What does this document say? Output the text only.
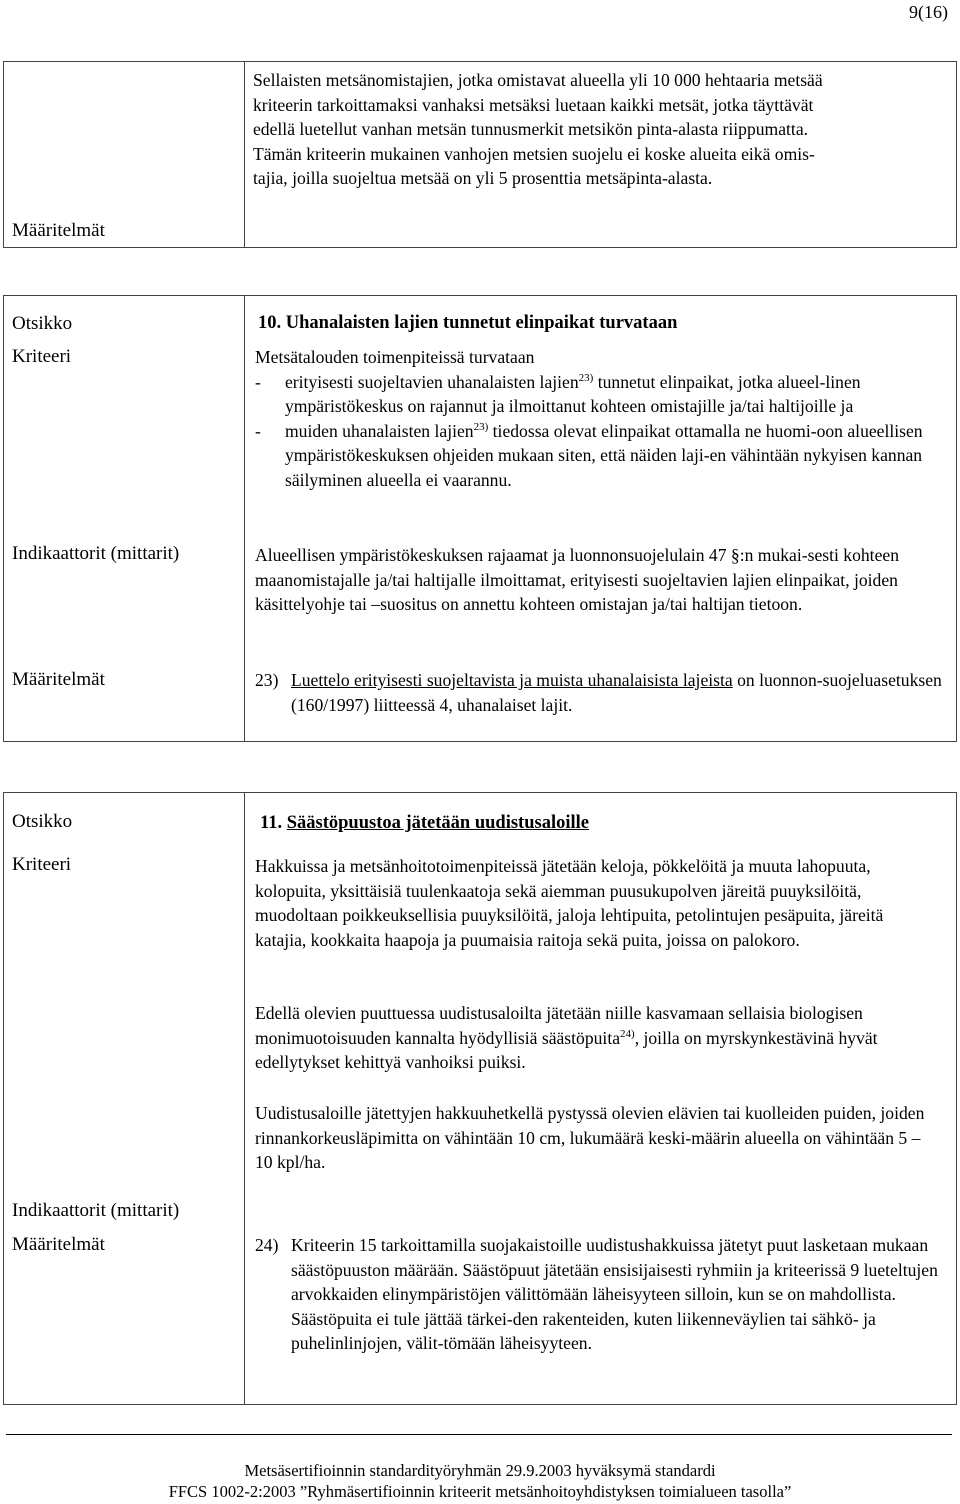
9(16)

Sellaisten metsänomistajien, jotka omistavat alueella yli 10 000 hehtaaria metsää

kriteerin tarkoittamaksi vanhaksi metsäksi luetaan kaikki metsät, jotka täyttävät

edellä luetellut vanhan metsän tunnusmerkit metsikön pinta-alasta riippumatta.

Tämän kriteerin mukainen vanhojen metsien suojelu ei koske alueita eikä omis-

tajia, joilla suojeltua metsää on yli 5 prosenttia metsäpinta-alasta.

Määritelmät
Otsikko
Kriteeri
Indikaattorit (mittarit)
Määritelmät
10. Uhanalaisten lajien tunnetut elinpaikat turvataan

Metsätalouden toimenpiteissä turvataan

-	erityisesti suojeltavien uhanalaisten lajien$^{23)}$ tunnetut elinpaikat, jotka alueel-linen ympäristökeskus on rajannut ja ilmoittanut kohteen omistajille ja/tai haltijoille ja
-	muiden uhanalaisten lajien$^{23)}$ tiedossa olevat elinpaikat ottamalla ne huomi-oon alueellisen ympäristökeskuksen ohjeiden mukaan siten, että näiden laji-en vähintään nykyisen kannan säilyminen alueella ei vaarannu.
Alueellisen ympäristökeskuksen rajaamat ja luonnonsuojelulain 47 §:n mukai-sesti kohteen maanomistajalle ja/tai haltijalle ilmoittamat, erityisesti suojeltavien lajien elinpaikat, joiden käsittelyohje tai –suositus on annettu kohteen omistajan ja/tai haltijan tietoon.
23) Luettelo erityisesti suojeltavista ja muista uhanalaisista lajeista on luonnon-suojeluasetuksen (160/1997) liitteessä 4, uhanalaiset lajit.
Otsikko
Kriteeri
Indikaattorit (mittarit)
Määritelmät
11. Säästöpuustoa jätetään uudistusaloille
Hakkuissa ja metsänhoitotoimenpiteissä jätetään keloja, pökkelöitä ja muuta lahopuuta, kolopuita, yksittäisiä tuulenkaatoja sekä aiemman puusukupolven järeitä puuyksilöitä, muodoltaan poikkeuksellisia puuyksilöitä, jaloja lehtipuita, petolintujen pesäpuita, järeitä katajia, kookkaita haapoja ja puumaisia raitoja sekä puita, joissa on palokoro.
Edellä olevien puuttuessa uudistusaloilta jätetään niille kasvamaan sellaisia biologisen monimuotoisuuden kannalta hyödyllisiä säästöpuita$^{24)}$, joilla on myrskynkestävinä hyvät edellytykset kehittyä vanhoiksi puiksi.
Uudistusaloille jätettyjen hakkuuhetkellä pystyssä olevien elävien tai kuolleiden puiden, joiden rinnankorkeusläpimitta on vähintään 10 cm, lukumäärä keski-määrin alueella on vähintään 5 – 10 kpl/ha.
24) Kriteerin 15 tarkoittamilla suojakaistoille uudistushakkuissa jätetyt puut lasketaan mukaan säästöpuuston määrään. Säästöpuut jätetään ensisijaisesti ryhmiin ja kriteerissä 9 lueteltujen arvokkaiden elinympäristöjen välittömään läheisyyteen silloin, kun se on mahdollista. Säästöpuita ei tule jättää tärkei-den rakenteiden, kuten liikenneväylien tai sähkö- ja puhelinlinjojen, välit-tömään läheisyyteen.
Metsäsertifioinnin standardityöryhmän 29.9.2003 hyväksymä standardi
FFCS 1002-2:2003 ”Ryhmäsertifioinnin kriteerit metsänhoitoyhdistyksen toimialueen tasolla”
